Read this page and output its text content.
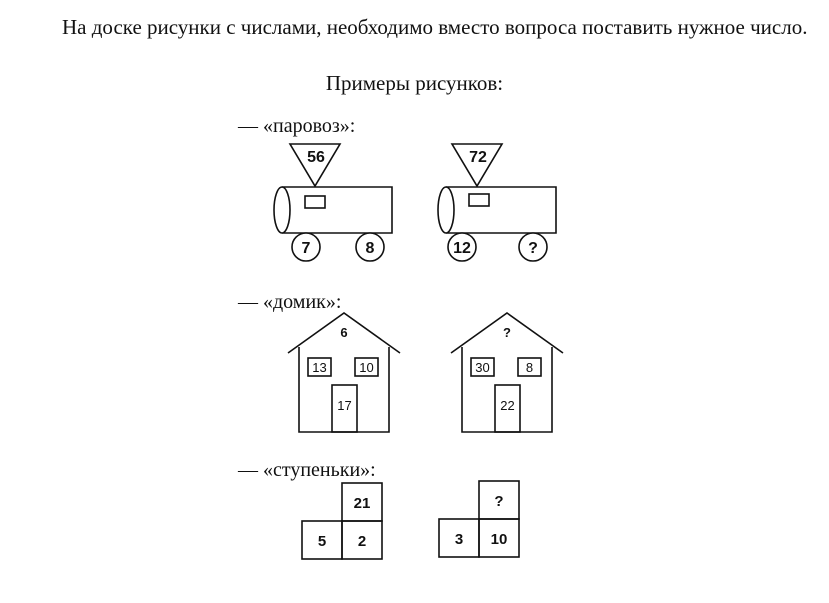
На доске рисунки с числами, необходимо вместо вопроса поставить нужное число.

Примеры рисунков:

— «паровоз»:

— «домик»:

— «ступеньки»:

56
7	8
72
12	?
6
13	10
17
?
30	8
22
21
5 2
?
3 10
